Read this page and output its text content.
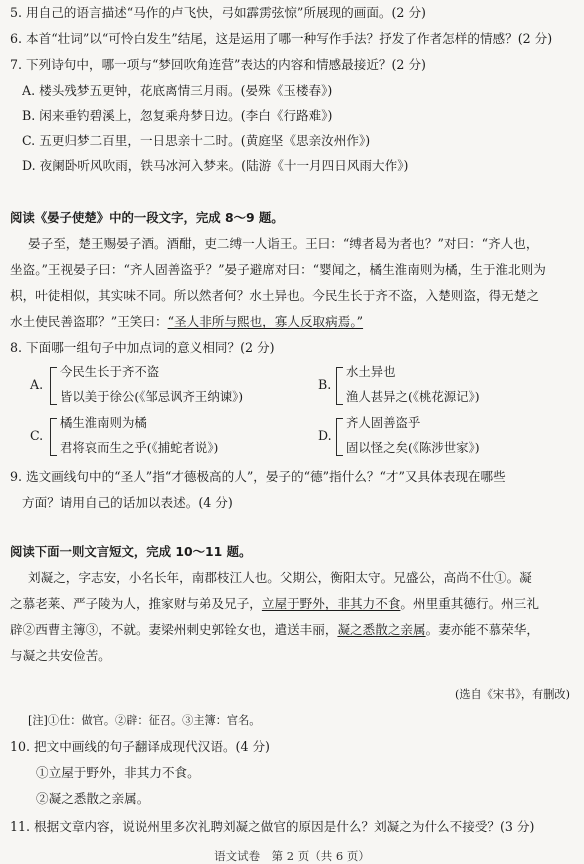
5. 用自己的语言描述“马作的卢飞快，弓如霹雳弦惊”所展现的画面。(2 分)
6. 本首“壮词”以“可怜白发生”结尾，这是运用了哪一种写作手法？抒发了作者怎样的情感？(2 分)
7. 下列诗句中，哪一项与“梦回吹角连营”表达的内容和情感最接近？(2 分)
A. 楼头残梦五更钟，花底离情三月雨。(晏殊《玉楼春》)
B. 闲来垂钓碧溪上，忽复乘舟梦日边。(李白《行路难》)
C. 五更归梦二百里，一日思亲十二时。(黄庭坚《思亲汝州作》)
D. 夜阑卧听风吹雨，铁马冰河入梦来。(陆游《十一月四日风雨大作》)
阅读《晏子使楚》中的一段文字，完成 8～9 题。
晏子至，楚王赐晏子酒。酒酣，吏二缚一人诣王。王曰：“缚者曷为者也？”对曰：“齐人也，
坐盗。”王视晏子曰：“齐人固善盗乎？”晏子避席对曰：“婴闻之，橘生淮南则为橘，生于淮北则为
枳，叶徒相似，其实味不同。所以然者何？水土异也。今民生长于齐不盗，入楚则盗，得无楚之
水土使民善盗耶？”王笑曰：“圣人非所与熙也，寡人反取病焉。”
8. 下面哪一组句子中加点词的意义相同？(2 分)
A.
今民生长于齐不盗
皆以美于徐公(《邹忌讽齐王纳谏》)
B.
水土异也
渔人甚异之(《桃花源记》)
C.
橘生淮南则为橘
君将哀而生之乎(《捕蛇者说》)
D.
齐人固善盗乎
固以怪之矣(《陈涉世家》)
9. 选文画线句中的“圣人”指“才德极高的人”，晏子的“德”指什么？“才”又具体表现在哪些
方面？请用自己的话加以表述。(4 分)
阅读下面一则文言短文，完成 10～11 题。
刘凝之，字志安，小名长年，南郡枝江人也。父期公，衡阳太守。兄盛公，高尚不仕①。凝
之慕老莱、严子陵为人，推家财与弟及兄子，立屋于野外，非其力不食。州里重其德行。州三礼
辟②西曹主簿③，不就。妻梁州刺史郭铨女也，遣送丰丽，凝之悉散之亲属。妻亦能不慕荣华，
与凝之共安俭苦。
(选自《宋书》，有删改)
[注]①仕：做官。②辟：征召。③主簿：官名。
10. 把文中画线的句子翻译成现代汉语。(4 分)
①立屋于野外，非其力不食。
②凝之悉散之亲属。
11. 根据文章内容，说说州里多次礼聘刘凝之做官的原因是什么？刘凝之为什么不接受？(3 分)
语文试卷　第 2 页（共 6 页）
